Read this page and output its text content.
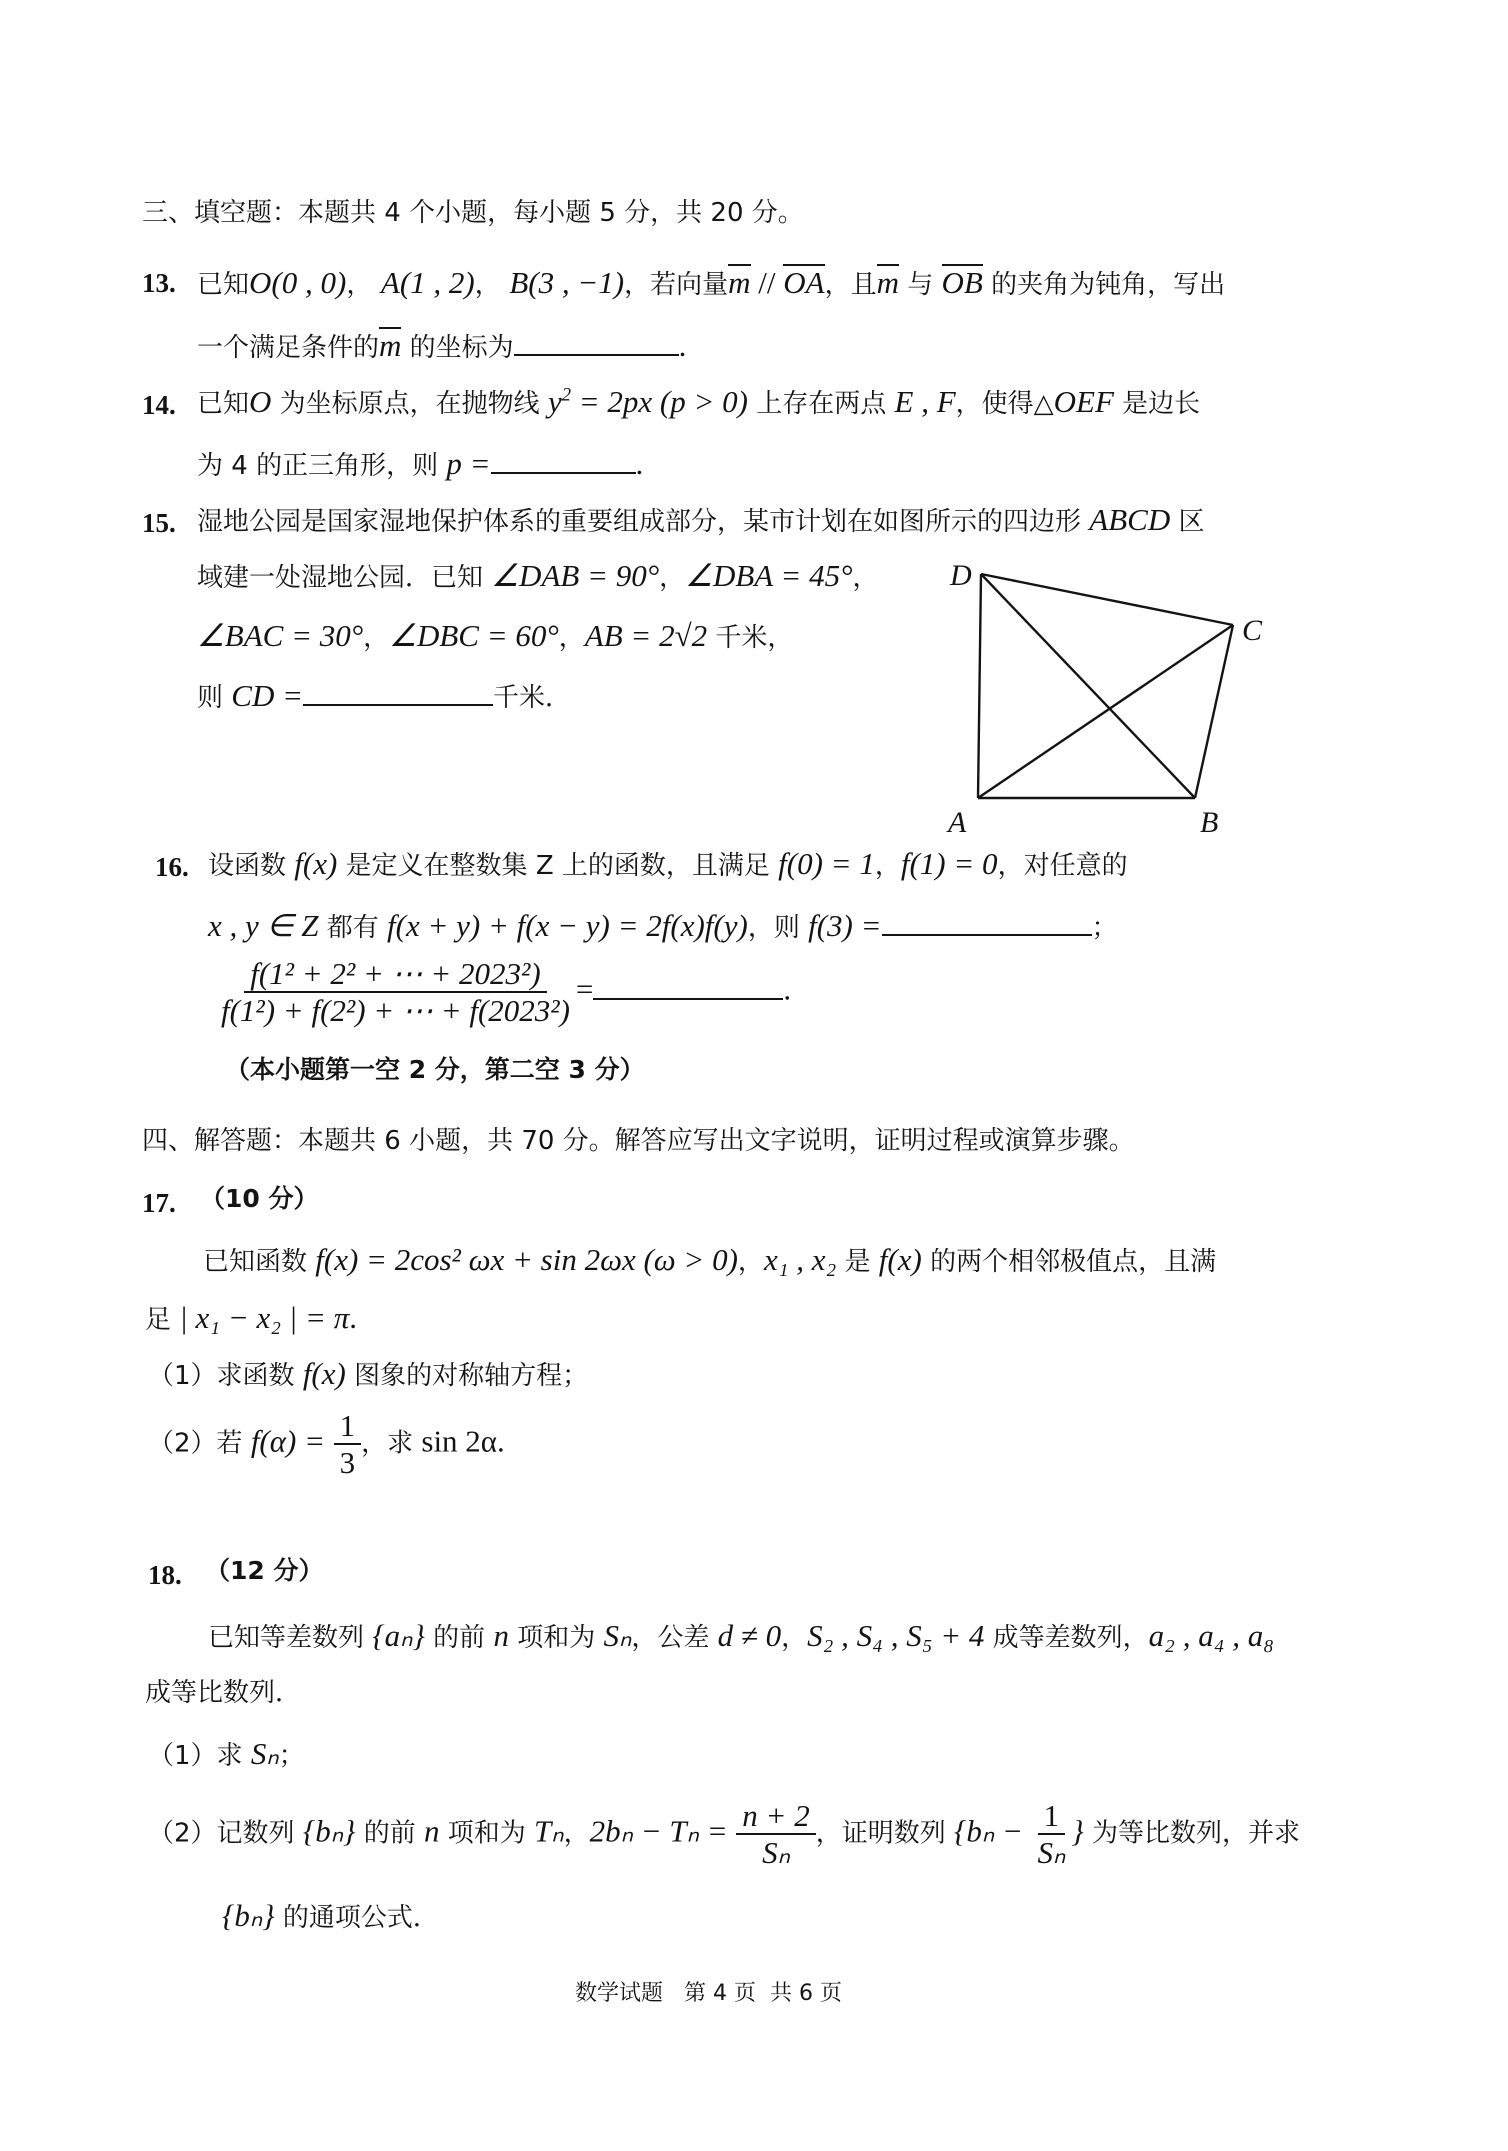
三、填空题：本题共 4 个小题，每小题 5 分，共 20 分。
13. 已知O(0 , 0)， A(1 , 2)， B(3 , −1)，若向量m // OA，且m 与 OB 的夹角为钝角，写出
一个满足条件的m 的坐标为	.
14. 已知O 为坐标原点，在抛物线 $y^2 = 2px$ (p > 0) 上存在两点 E , F，使得△OEF 是边长
为 4 的正三角形，则 p =	.
15. 湿地公园是国家湿地保护体系的重要组成部分，某市计划在如图所示的四边形 ABCD 区
域建一处湿地公园．已知 ∠DAB = 90°，∠DBA = 45°，
∠BAC = 30°，∠DBC = 60°，AB = 2√2 千米，
则 CD =	千米．
D
C
A	B
16. 设函数 f(x) 是定义在整数集 Z 上的函数，且满足 f(0) = 1，f(1) = 0，对任意的
x , y ∈ Z 都有 f(x + y) + f(x − y) = 2f(x)f(y)，则 f(3) =	；
$\frac{\text{f(1² + 2² + ⋯ + 2023²)}}{\text{f(1²) + f(2²) + ⋯ + f(2023²)}}$ =	.
（本小题第一空 2 分，第二空 3 分）
四、解答题：本题共 6 小题，共 70 分。解答应写出文字说明，证明过程或演算步骤。
17. （10 分）
已知函数 f(x) = 2cos² ωx + sin 2ωx (ω > 0)，x₁ , x₂ 是 f(x) 的两个相邻极值点，且满
足 | x₁ − x₂ | = π.
（1）求函数 f(x) 图象的对称轴方程；
（2）若 $f(\alpha) = \frac{1}{3}$ ，求 sin 2α.
18. （12 分）
已知等差数列 {aₙ} 的前 n 项和为 Sₙ，公差 d ≠ 0，S₂ , S₄ , S₅ + 4 成等差数列，a₂ , a₄ , a₈
成等比数列．
（1）求 Sₙ；
（2）记数列 {bₙ} 的前 n 项和为 Tₙ，$2b_n - T_n = \frac{n + 2}{\text{Sₙ}}$ ，证明数列 {$b_n - \frac{1}{\text{Sₙ}}$ } 为等比数列，并求
{bₙ} 的通项公式．
数学试题 第 4 页 共 6 页
